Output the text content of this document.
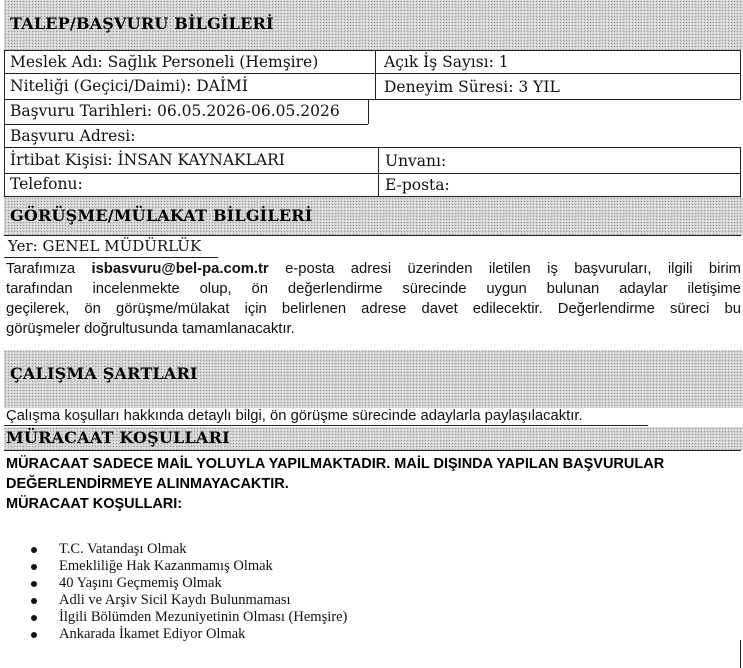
TALEP/BAŞVURU BİLGİLERİ
Meslek Adı: Sağlık Personeli (Hemşire)	Açık İş Sayısı: 1
Niteliği (Geçici/Daimi): DAİMİ	Deneyim Süresi: 3 YIL
Başvuru Tarihleri: 06.05.2026-06.05.2026
Başvuru Adresi:
İrtibat Kişisi: İNSAN KAYNAKLARI	Unvanı:
Telefonu:	E-posta:
GÖRÜŞME/MÜLAKAT BİLGİLERİ
Yer: GENEL MÜDÜRLÜK
Tarafımıza isbasvuru@bel-pa.com.tr e-posta adresi üzerinden iletilen iş başvuruları, ilgili birim
tarafından incelenmekte olup, ön değerlendirme sürecinde uygun bulunan adaylar iletişime
geçilerek, ön görüşme/mülakat için belirlenen adrese davet edilecektir. Değerlendirme süreci bu
görüşmeler doğrultusunda tamamlanacaktır.
ÇALIŞMA ŞARTLARI
Çalışma koşulları hakkında detaylı bilgi, ön görüşme sürecinde adaylarla paylaşılacaktır.
MÜRACAAT KOŞULLARI
MÜRACAAT SADECE MAİL YOLUYLA YAPILMAKTADIR. MAİL DIŞINDA YAPILAN BAŞVURULAR
DEĞERLENDİRMEYE ALINMAYACAKTIR.
MÜRACAAT KOŞULLARI:
T.C. Vatandaşı Olmak
Emekliliğe Hak Kazanmamış Olmak
40 Yaşını Geçmemiş Olmak
Adli ve Arşiv Sicil Kaydı Bulunmaması
İlgili Bölümden Mezuniyetinin Olması (Hemşire)
Ankarada İkamet Ediyor Olmak
